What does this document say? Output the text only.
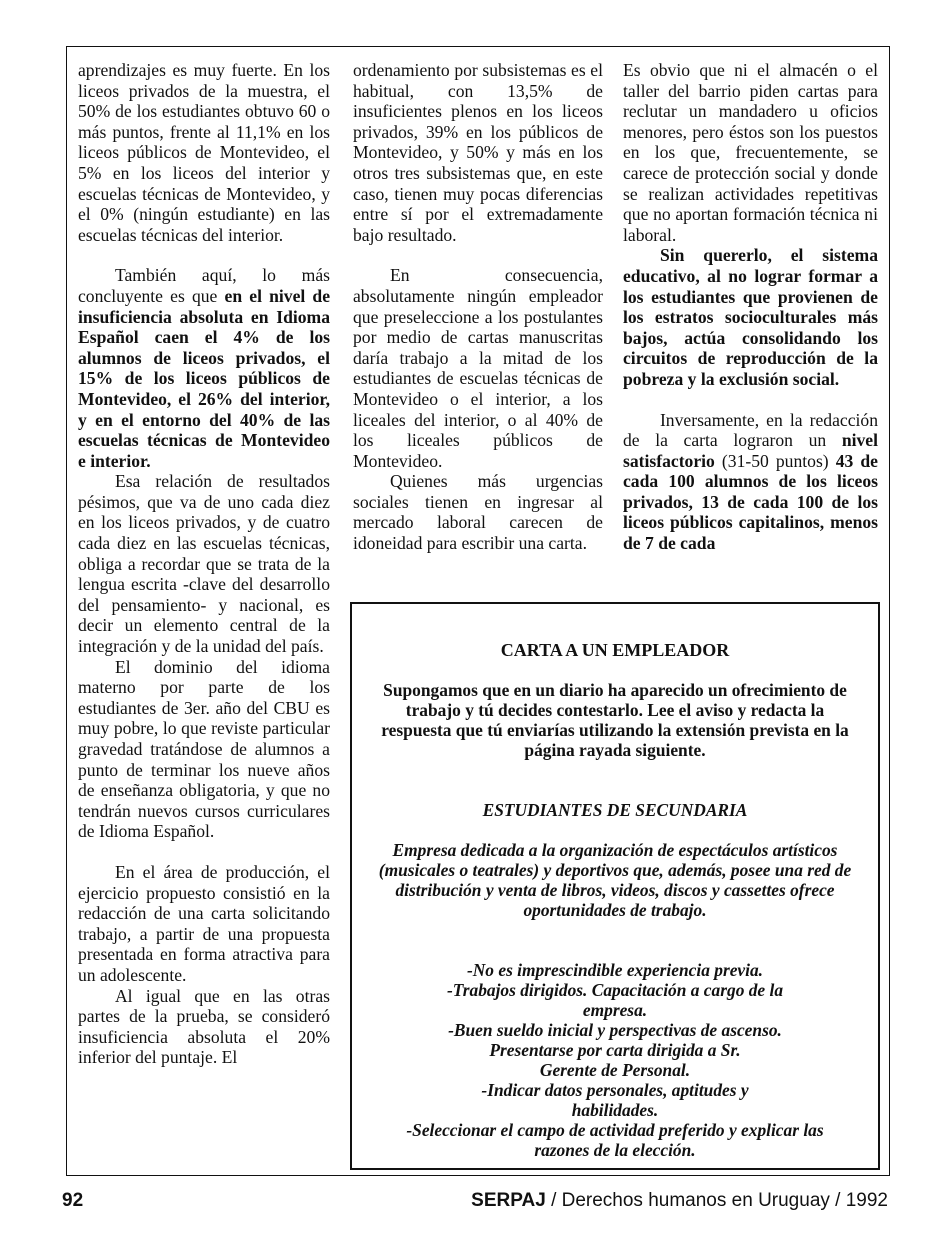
aprendizajes es muy fuerte. En los liceos privados de la muestra, el 50% de los estudiantes obtuvo 60 o más puntos, frente al 11,1% en los liceos públicos de Montevideo, el 5% en los liceos del interior y escuelas técnicas de Montevideo, y el 0% (ningún estudiante) en las escuelas técnicas del interior.

También aquí, lo más concluyente es que en el nivel de insuficiencia absoluta en Idioma Español caen el 4% de los alumnos de liceos privados, el 15% de los liceos públicos de Montevideo, el 26% del interior, y en el entorno del 40% de las escuelas técnicas de Montevideo e interior.

Esa relación de resultados pésimos, que va de uno cada diez en los liceos privados, y de cuatro cada diez en las escuelas técnicas, obliga a recordar que se trata de la lengua escrita -clave del desarrollo del pensamiento- y nacional, es decir un elemento central de la integración y de la unidad del país.

El dominio del idioma materno por parte de los estudiantes de 3er. año del CBU es muy pobre, lo que reviste particular gravedad tratándose de alumnos a punto de terminar los nueve años de enseñanza obligatoria, y que no tendrán nuevos cursos curriculares de Idioma Español.

En el área de producción, el ejercicio propuesto consistió en la redacción de una carta solicitando trabajo, a partir de una propuesta presentada en forma atractiva para un adolescente.

Al igual que en las otras partes de la prueba, se consideró insuficiencia absoluta el 20% inferior del puntaje. El

ordenamiento por subsistemas es el habitual, con 13,5% de insuficientes plenos en los liceos privados, 39% en los públicos de Montevideo, y 50% y más en los otros tres subsistemas que, en este caso, tienen muy pocas diferencias entre sí por el extremadamente bajo resultado.

En consecuencia, absolutamente ningún empleador que preseleccione a los postulantes por medio de cartas manuscritas daría trabajo a la mitad de los estudiantes de escuelas técnicas de Montevideo o el interior, a los liceales del interior, o al 40% de los liceales públicos de Montevideo.

Quienes más urgencias sociales tienen en ingresar al mercado laboral carecen de idoneidad para escribir una carta.

Es obvio que ni el almacén o el taller del barrio piden cartas para reclutar un mandadero u oficios menores, pero éstos son los puestos en los que, frecuentemente, se carece de protección social y donde se realizan actividades repetitivas que no aportan formación técnica ni laboral.

Sin quererlo, el sistema educativo, al no lograr formar a los estudiantes que provienen de los estratos socioculturales más bajos, actúa consolidando los circuitos de reproducción de la pobreza y la exclusión social.

Inversamente, en la redacción de la carta lograron un nivel satisfactorio (31-50 puntos) 43 de cada 100 alumnos de los liceos privados, 13 de cada 100 de los liceos públicos capitalinos, menos de 7 de cada

CARTA A UN EMPLEADOR
Supongamos que en un diario ha aparecido un ofrecimiento de trabajo y tú decides contestarlo. Lee el aviso y redacta la respuesta que tú enviarías utilizando la extensión prevista en la página rayada siguiente.
ESTUDIANTES DE SECUNDARIA
Empresa dedicada a la organización de espectáculos artísticos (musicales o teatrales) y deportivos que, además, posee una red de distribución y venta de libros, videos, discos y cassettes ofrece oportunidades de trabajo.
-No es imprescindible experiencia previa.
-Trabajos dirigidos. Capacitación a cargo de la empresa.
-Buen sueldo inicial y perspectivas de ascenso.
Presentarse por carta dirigida a Sr. Gerente de Personal.
-Indicar datos personales, aptitudes y habilidades.
-Seleccionar el campo de actividad preferido y explicar las razones de la elección.
92	SERPAJ / Derechos humanos en Uruguay / 1992
